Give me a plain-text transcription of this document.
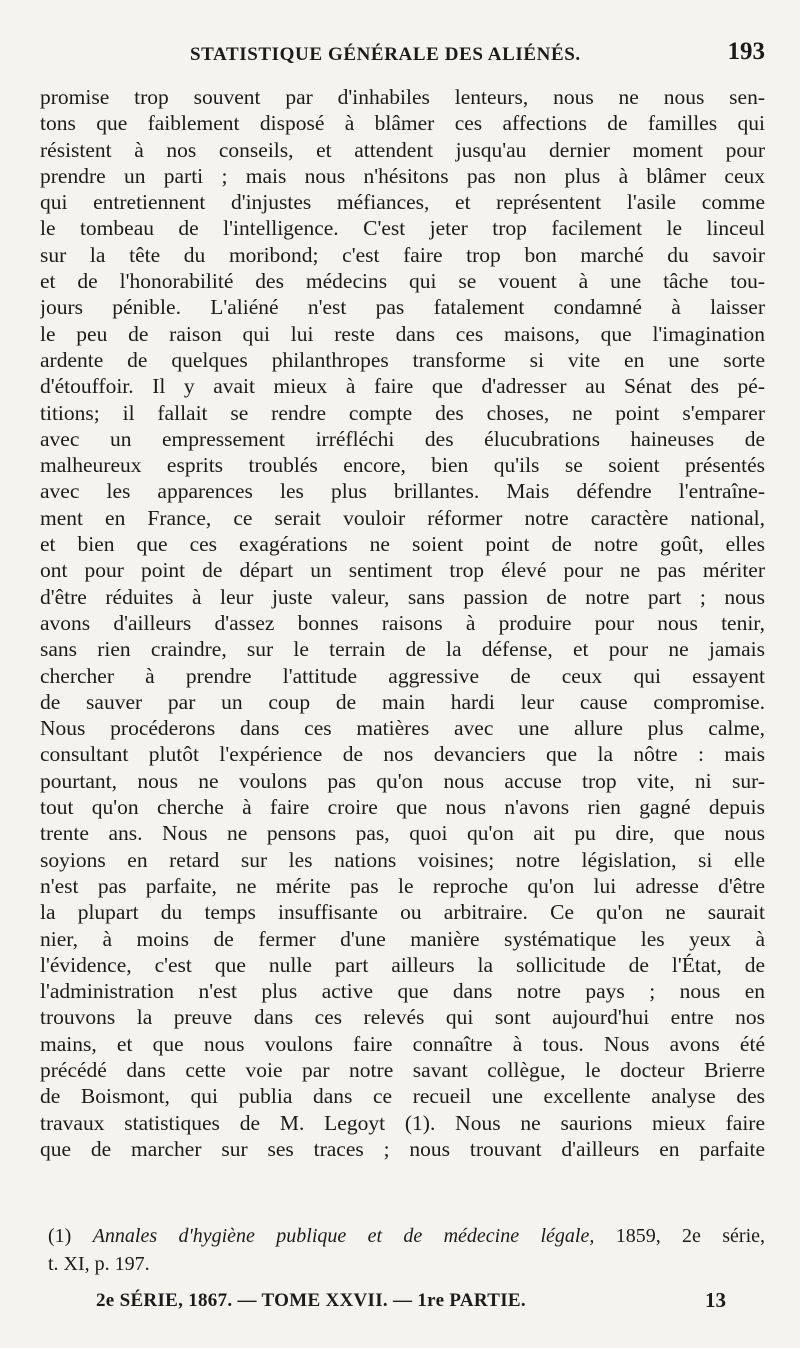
STATISTIQUE GÉNÉRALE DES ALIÉNÉS.	193
promise trop souvent par d'inhabiles lenteurs, nous ne nous sen-
tons que faiblement disposé à blâmer ces affections de familles qui
résistent à nos conseils, et attendent jusqu'au dernier moment pour
prendre un parti ; mais nous n'hésitons pas non plus à blâmer ceux
qui entretiennent d'injustes méfiances, et représentent l'asile comme
le tombeau de l'intelligence. C'est jeter trop facilement le linceul
sur la tête du moribond; c'est faire trop bon marché du savoir
et de l'honorabilité des médecins qui se vouent à une tâche tou-
jours pénible. L'aliéné n'est pas fatalement condamné à laisser
le peu de raison qui lui reste dans ces maisons, que l'imagination
ardente de quelques philanthropes transforme si vite en une sorte
d'étouffoir. Il y avait mieux à faire que d'adresser au Sénat des pé-
titions; il fallait se rendre compte des choses, ne point s'emparer
avec un empressement irréfléchi des élucubrations haineuses de
malheureux esprits troublés encore, bien qu'ils se soient présentés
avec les apparences les plus brillantes. Mais défendre l'entraîne-
ment en France, ce serait vouloir réformer notre caractère national,
et bien que ces exagérations ne soient point de notre goût, elles
ont pour point de départ un sentiment trop élevé pour ne pas mériter
d'être réduites à leur juste valeur, sans passion de notre part ; nous
avons d'ailleurs d'assez bonnes raisons à produire pour nous tenir,
sans rien craindre, sur le terrain de la défense, et pour ne jamais
chercher à prendre l'attitude aggressive de ceux qui essayent
de sauver par un coup de main hardi leur cause compromise.
Nous procéderons dans ces matières avec une allure plus calme,
consultant plutôt l'expérience de nos devanciers que la nôtre : mais
pourtant, nous ne voulons pas qu'on nous accuse trop vite, ni sur-
tout qu'on cherche à faire croire que nous n'avons rien gagné depuis
trente ans. Nous ne pensons pas, quoi qu'on ait pu dire, que nous
soyions en retard sur les nations voisines; notre législation, si elle
n'est pas parfaite, ne mérite pas le reproche qu'on lui adresse d'être
la plupart du temps insuffisante ou arbitraire. Ce qu'on ne saurait
nier, à moins de fermer d'une manière systématique les yeux à
l'évidence, c'est que nulle part ailleurs la sollicitude de l'État, de
l'administration n'est plus active que dans notre pays ; nous en
trouvons la preuve dans ces relevés qui sont aujourd'hui entre nos
mains, et que nous voulons faire connaître à tous. Nous avons été
précédé dans cette voie par notre savant collègue, le docteur Brierre
de Boismont, qui publia dans ce recueil une excellente analyse des
travaux statistiques de M. Legoyt (1). Nous ne saurions mieux faire
que de marcher sur ses traces ; nous trouvant d'ailleurs en parfaite
(1) Annales d'hygiène publique et de médecine légale, 1859, 2e série,
t. XI, p. 197.
2e SÉRIE, 1867. — TOME XXVII. — 1re PARTIE.	13
